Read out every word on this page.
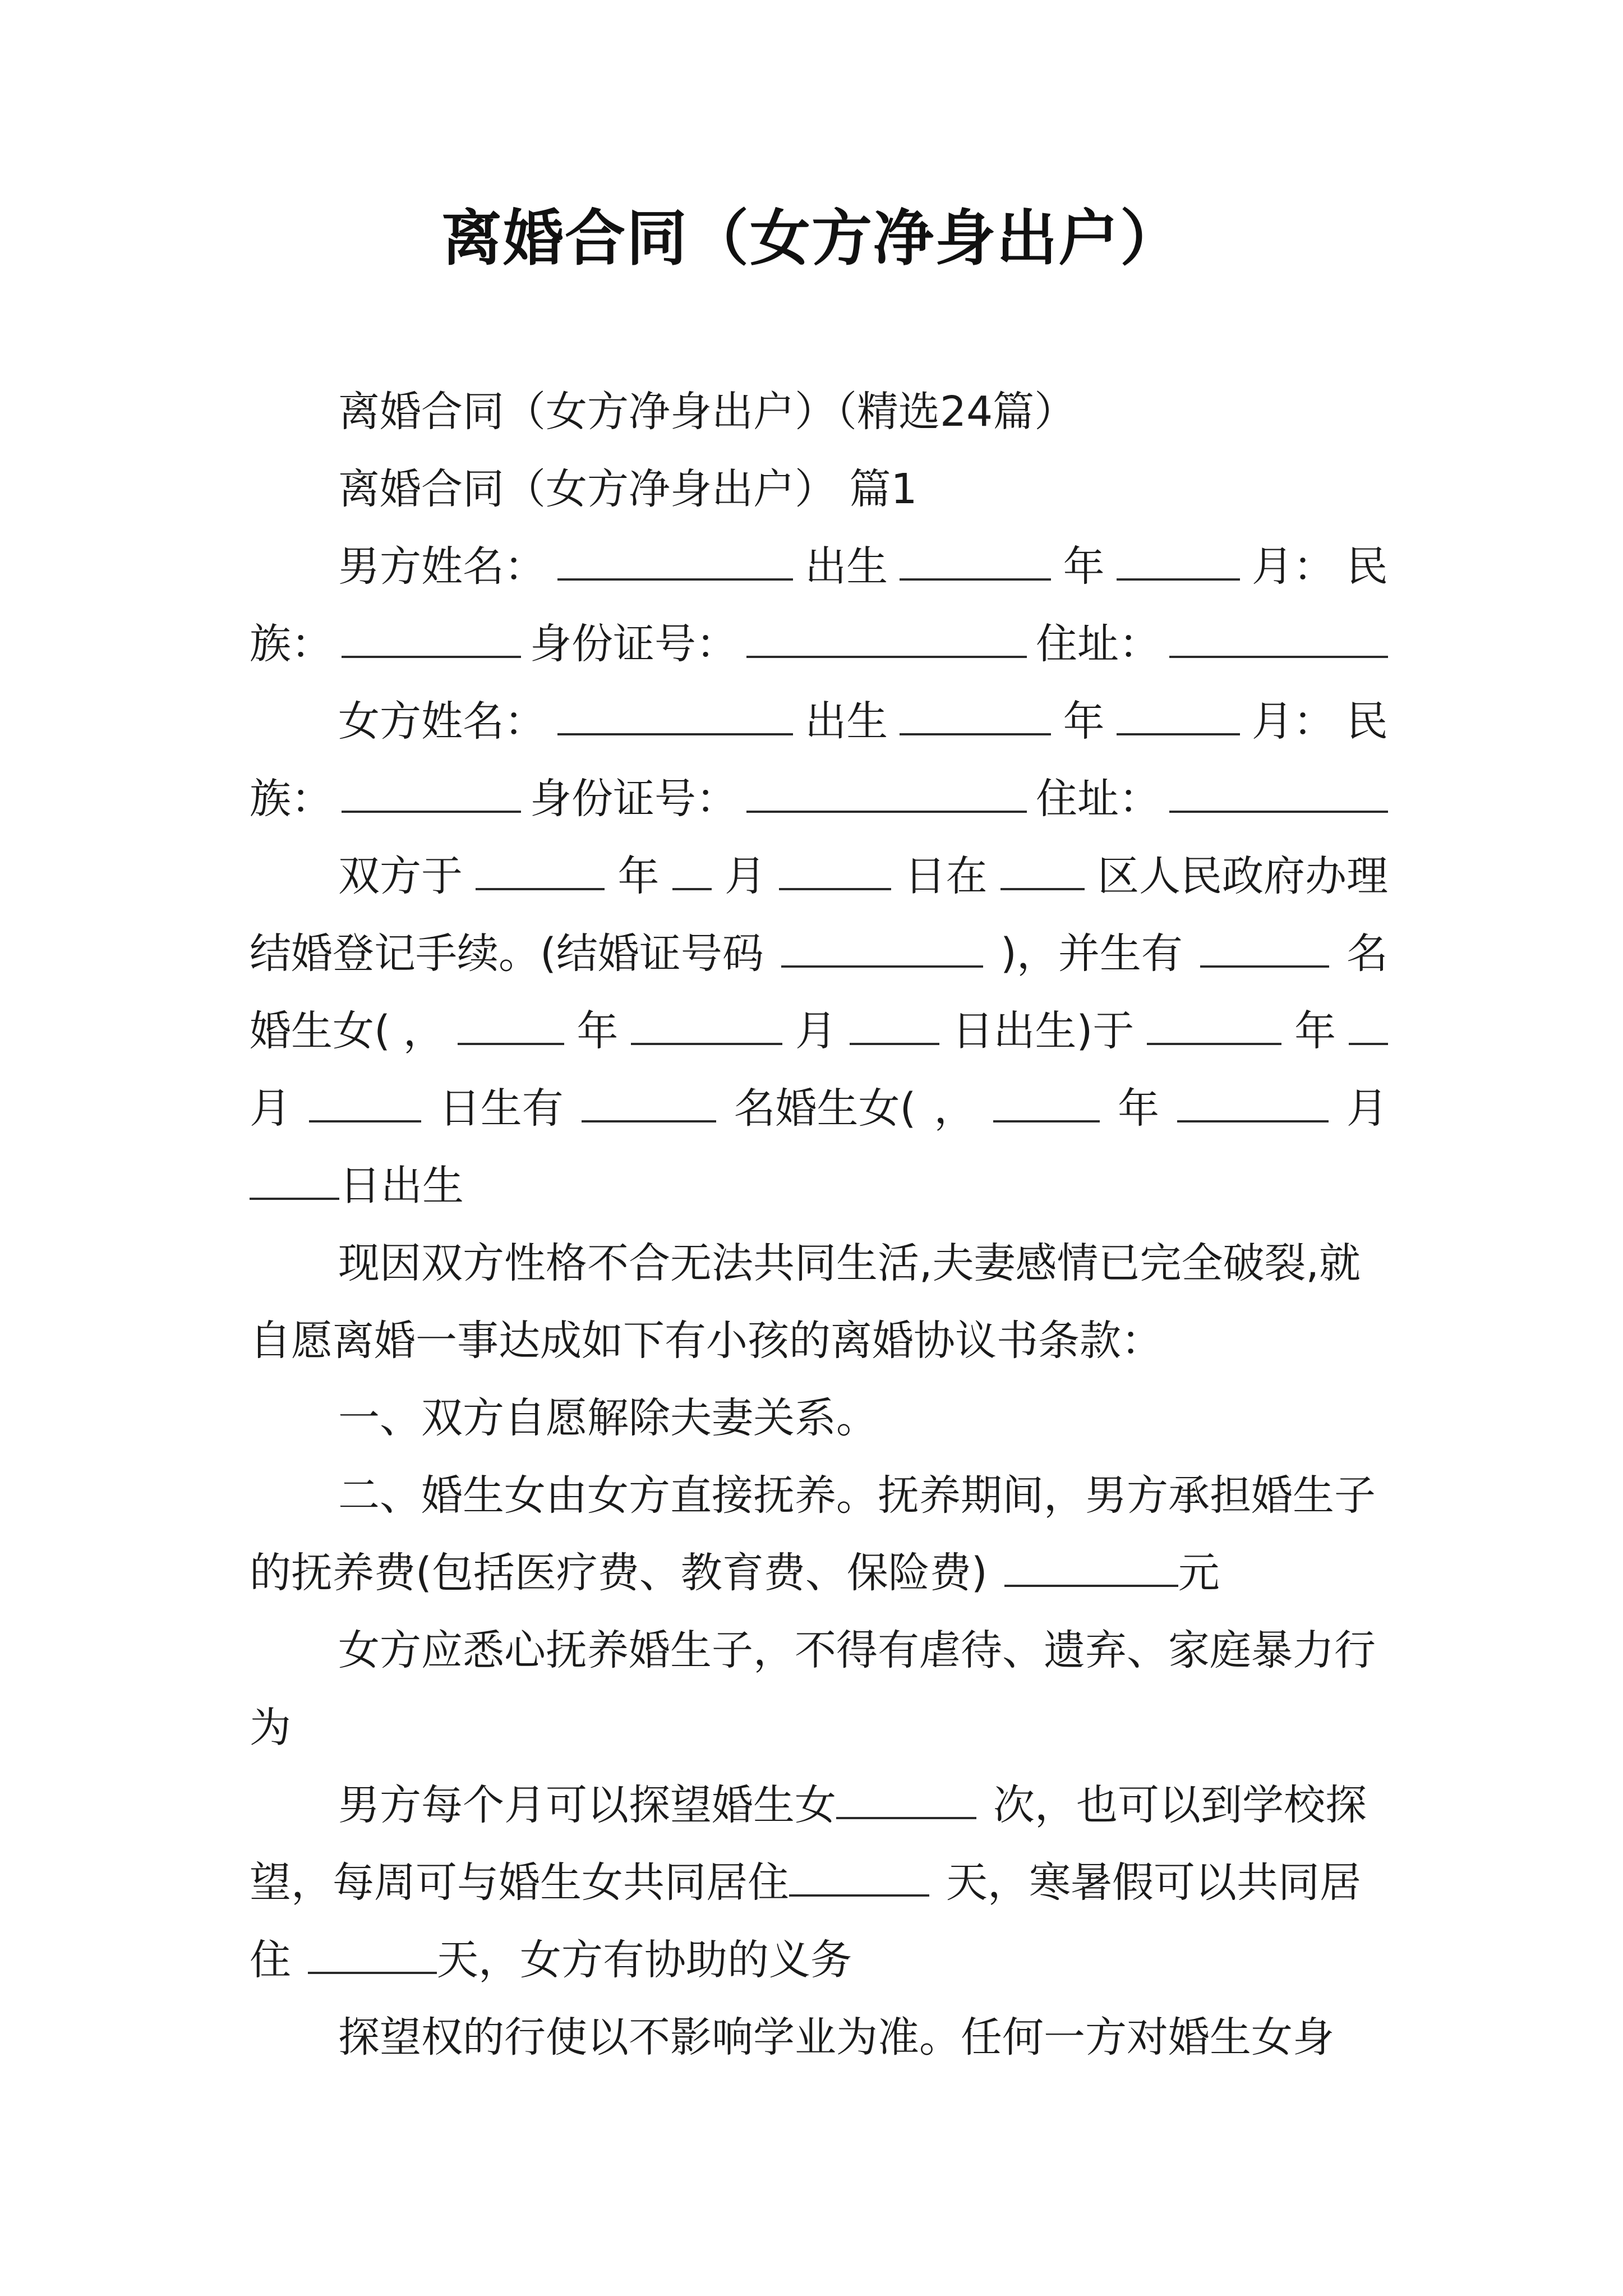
离婚合同（女方净身出户）

离婚合同（女方净身出户）（精选24篇）

离婚合同（女方净身出户） 篇1

男方姓名：	出生	年	月： 民
族：	身份证号：	住址：
女方姓名：	出生	年	月： 民
族：	身份证号：	住址：
双方于	年 月	日在	区人民政府办理
结婚登记手续。(结婚证号码	)，并生有	名
婚生女( ，	年	月	日出生)于	年
月	日生有	名婚生女( ，	年	月
日出生

现因双方性格不合无法共同生活,夫妻感情已完全破裂,就自愿离婚一事达成如下有小孩的离婚协议书条款：

一、双方自愿解除夫妻关系。

二、婚生女由女方直接抚养。抚养期间，男方承担婚生子的抚养费(包括医疗费、教育费、保险费)	元

女方应悉心抚养婚生子，不得有虐待、遗弃、家庭暴力行为

男方每个月可以探望婚生女	次，也可以到学校探望，每周可与婚生女共同居住	天，寒暑假可以共同居住	天，女方有协助的义务

探望权的行使以不影响学业为准。任何一方对婚生女身
